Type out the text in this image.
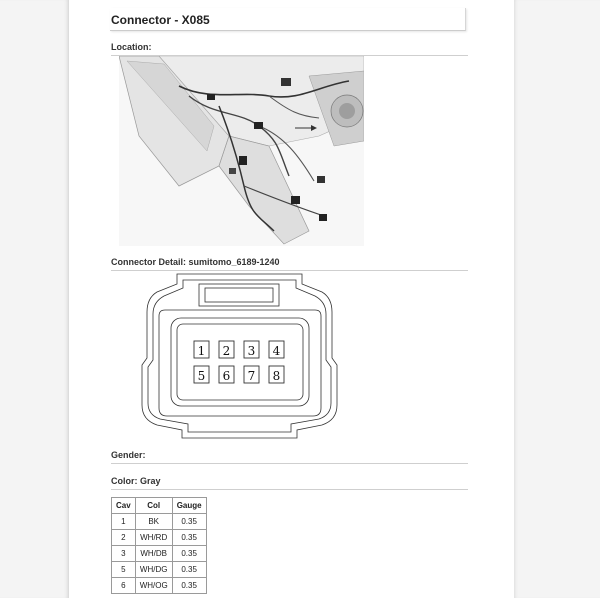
Connector - X085
Location:
Connector Detail: sumitomo_6189-1240
1 2 3 4
5 6 7 8
Gender:
Color: Gray
Cav	Col	Gauge
1	BK	0.35
2	WH/RD	0.35
3	WH/DB	0.35
5	WH/DG	0.35
6	WH/OG	0.35
